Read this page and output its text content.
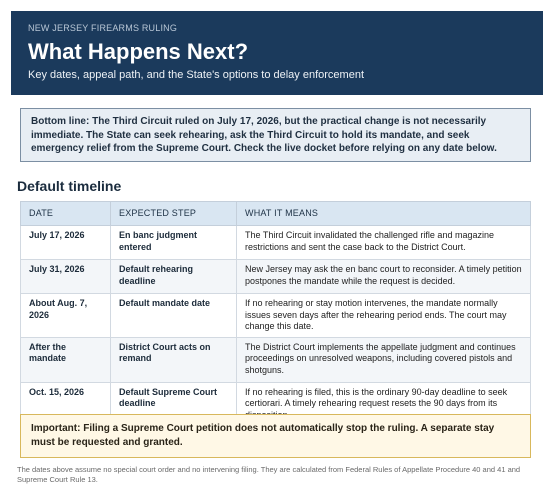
NEW JERSEY FIREARMS RULING
What Happens Next?
Key dates, appeal path, and the State's options to delay enforcement
Bottom line: The Third Circuit ruled on July 17, 2026, but the practical change is not necessarily immediate. The State can seek rehearing, ask the Third Circuit to hold its mandate, and seek emergency relief from the Supreme Court. Check the live docket before relying on any date below.
Default timeline
DATE	EXPECTED STEP	WHAT IT MEANS
July 17, 2026	En banc judgment entered	The Third Circuit invalidated the challenged rifle and magazine restrictions and sent the case back to the District Court.
July 31, 2026	Default rehearing deadline	New Jersey may ask the en banc court to reconsider. A timely petition postpones the mandate while the request is decided.
About Aug. 7, 2026	Default mandate date	If no rehearing or stay motion intervenes, the mandate normally issues seven days after the rehearing period ends. The court may change this date.
After the mandate	District Court acts on remand	The District Court implements the appellate judgment and continues proceedings on unresolved weapons, including covered pistols and shotguns.
Oct. 15, 2026	Default Supreme Court deadline	If no rehearing is filed, this is the ordinary 90-day deadline to seek certiorari. A timely rehearing request resets the 90 days from its
Important: Filing a Supreme Court petition does not automatically stop the ruling. A separate stay must be requested and granted.
The dates above assume no special court order and no intervening filing. They are calculated from Federal Rules of Appellate Procedure 40 and 41 and Supreme Court Rule 13.
